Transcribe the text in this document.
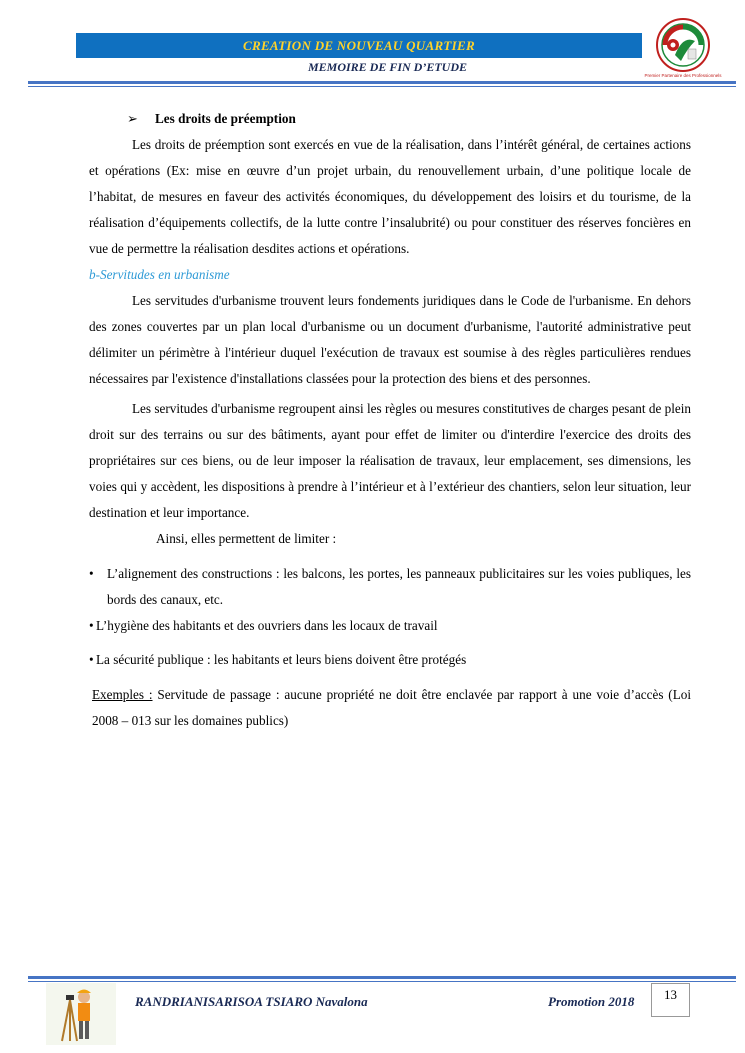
CREATION DE NOUVEAU QUARTIER
MEMOIRE DE FIN D’ETUDE
Premier Partenaire des Professionnels

➢ Les droits de préemption

Les droits de préemption sont exercés en vue de la réalisation, dans l’intérêt général, de certaines actions et opérations (Ex: mise en œuvre d’un projet urbain, du renouvellement urbain, d’une politique locale de l’habitat, de mesures en faveur des activités économiques, du développement des loisirs et du tourisme, de la réalisation d’équipements collectifs, de la lutte contre l’insalubrité) ou pour constituer des réserves foncières en vue de permettre la réalisation desdites actions et opérations.

b-Servitudes en urbanisme

Les servitudes d'urbanisme trouvent leurs fondements juridiques dans le Code de l'urbanisme. En dehors des zones couvertes par un plan local d'urbanisme ou un document d'urbanisme, l'autorité administrative peut délimiter un périmètre à l'intérieur duquel l'exécution de travaux est soumise à des règles particulières rendues nécessaires par l'existence d'installations classées pour la protection des biens et des personnes.

Les servitudes d'urbanisme regroupent ainsi les règles ou mesures constitutives de charges pesant de plein droit sur des terrains ou sur des bâtiments, ayant pour effet de limiter ou d'interdire l'exercice des droits des propriétaires sur ces biens, ou de leur imposer la réalisation de travaux, leur emplacement, ses dimensions, les voies qui y accèdent, les dispositions à prendre à l’intérieur et à l’extérieur des chantiers, selon leur situation, leur destination et leur importance.

Ainsi, elles permettent de limiter :

• L’alignement des constructions : les balcons, les portes, les panneaux publicitaires sur les voies publiques, les bords des canaux, etc.

• L’hygiène des habitants et des ouvriers dans les locaux de travail

• La sécurité publique : les habitants et leurs biens doivent être protégés

Exemples : Servitude de passage : aucune propriété ne doit être enclavée par rapport à une voie d’accès (Loi 2008 – 013 sur les domaines publics)

RANDRIANISARISOA TSIARO Navalona	Promotion 2018	13
